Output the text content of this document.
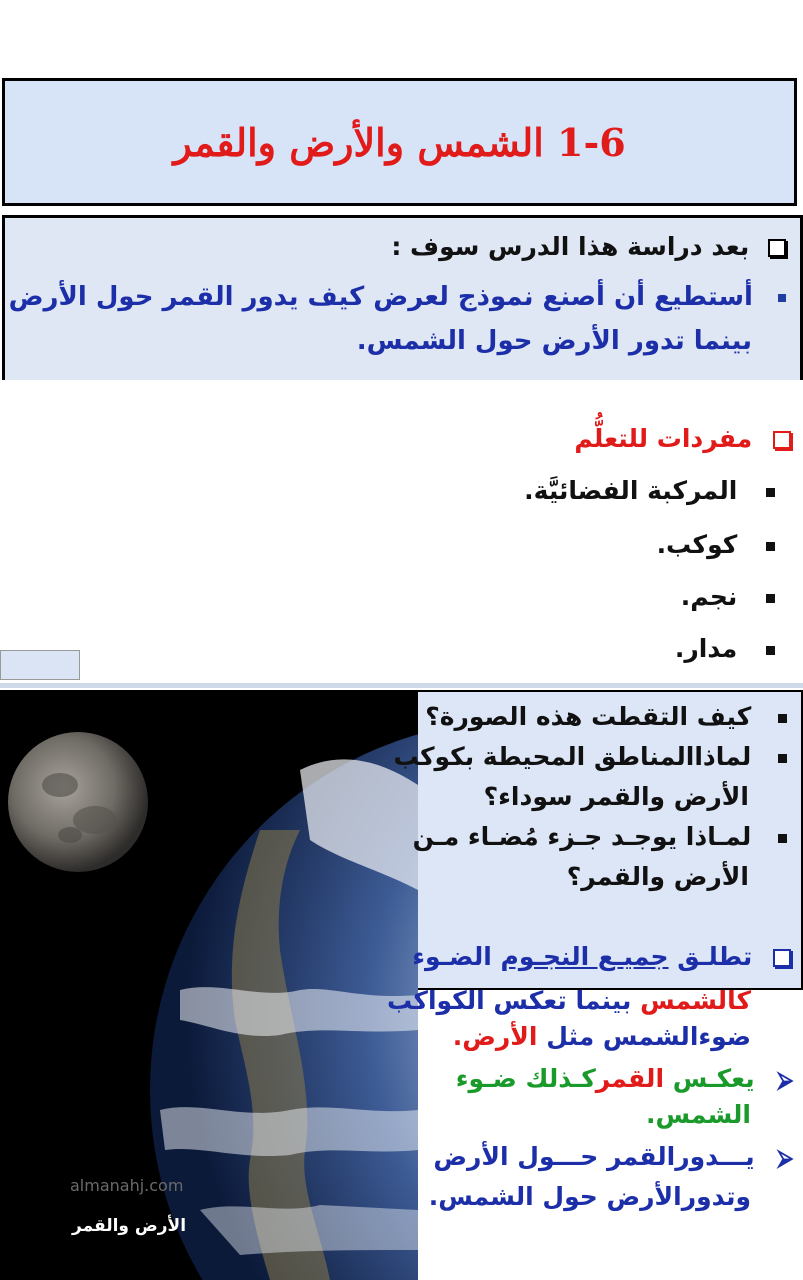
1-6 الشمس والأرض والقمر
بعد دراسة هذا الدرس سوف :
أستطيع أن أصنع نموذج لعرض كيف يدور القمر حول الأرض
بينما تدور الأرض حول الشمس.
مفردات للتعلُّم
المركبة الفضائيَّة.
كوكب.
نجم.
مدار.
الأرض والقمر
almanahj.com
كيف التقطت هذه الصورة؟
لماذاالمناطق المحيطة بكوكب
الأرض والقمر سوداء؟
لمـاذا يوجـد جـزء مُضـاء مـن
الأرض والقمر؟
تطلـق جميـع النجـوم الضـوء
كالشمس بينما تعكس الكواكب
ضوءالشمس مثل الأرض.
⮚ يعكـس القمركـذلك ضـوء
الشمس.
⮚ يـــدورالقمر حـــول الأرض
وتدورالأرض حول الشمس.
